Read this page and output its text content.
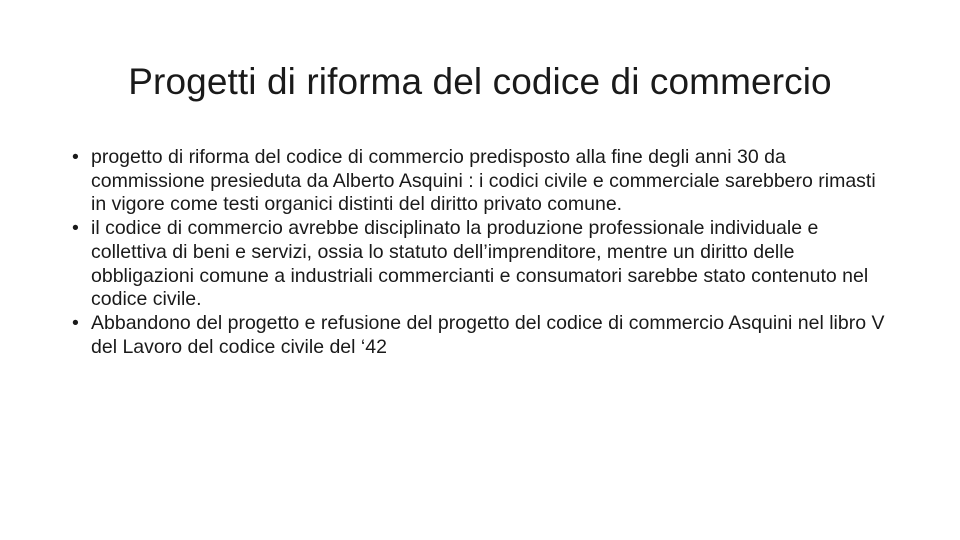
Progetti di riforma del codice di commercio
• progetto di riforma del codice di commercio predisposto alla fine degli anni 30 da commissione presieduta da Alberto Asquini : i codici civile e commerciale sarebbero rimasti in vigore come testi organici distinti del diritto privato comune.
• il codice di commercio avrebbe disciplinato la produzione professionale individuale e collettiva di beni e servizi, ossia lo statuto dell’imprenditore, mentre un diritto delle obbligazioni comune a industriali commercianti e consumatori sarebbe stato contenuto nel codice civile.
• Abbandono del progetto e refusione del progetto del codice di commercio Asquini nel libro V del Lavoro del codice civile del ‘42
